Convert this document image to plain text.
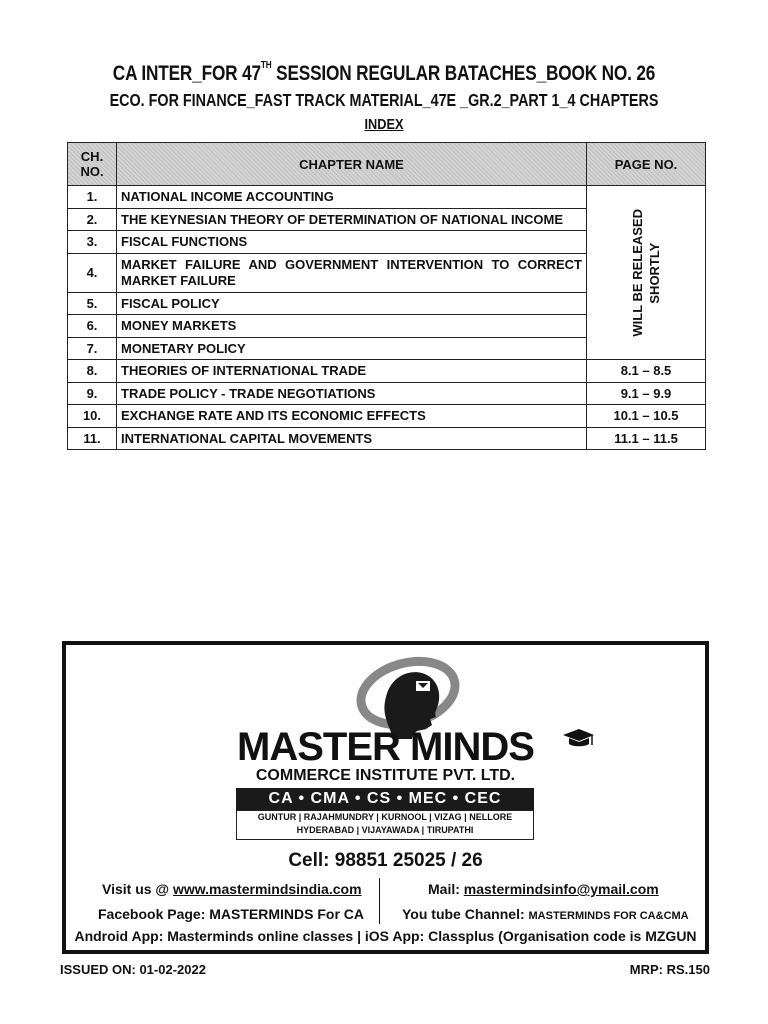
CA INTER_FOR 47TH SESSION REGULAR BATACHES_BOOK NO. 26
ECO. FOR FINANCE_FAST TRACK MATERIAL_47E _GR.2_PART 1_4 CHAPTERS
INDEX
CH. NO.	CHAPTER NAME	PAGE NO.
1.	NATIONAL INCOME ACCOUNTING	WILL BE RELEASED SHORTLY

2.	THE KEYNESIAN THEORY OF DETERMINATION OF NATIONAL INCOME	
3.	FISCAL FUNCTIONS	
4.	MARKET FAILURE AND GOVERNMENT INTERVENTION TO CORRECT MARKET FAILURE	
5.	FISCAL POLICY	
6.	MONEY MARKETS	
7.	MONETARY POLICY	
8.	THEORIES OF INTERNATIONAL TRADE	8.1 – 8.5
9.	TRADE POLICY - TRADE NEGOTIATIONS	9.1 – 9.9
10.	EXCHANGE RATE AND ITS ECONOMIC EFFECTS	10.1 – 10.5
11.	INTERNATIONAL CAPITAL MOVEMENTS	11.1 – 11.5
MASTER MINDS
COMMERCE INSTITUTE PVT. LTD.
CA • CMA • CS • MEC • CEC
GUNTUR | RAJAHMUNDRY | KURNOOL | VIZAG | NELLORE
HYDERABAD | VIJAYAWADA | TIRUPATHI
Cell: 98851 25025 / 26
Visit us @ www.mastermindsindia.com	Mail: mastermindsinfo@ymail.com
Facebook Page: MASTERMINDS For CA	You tube Channel: MASTERMINDS FOR CA&CMA
Android App: Masterminds online classes | iOS App: Classplus (Organisation code is MZGUN
ISSUED ON: 01-02-2022	MRP: RS.150
